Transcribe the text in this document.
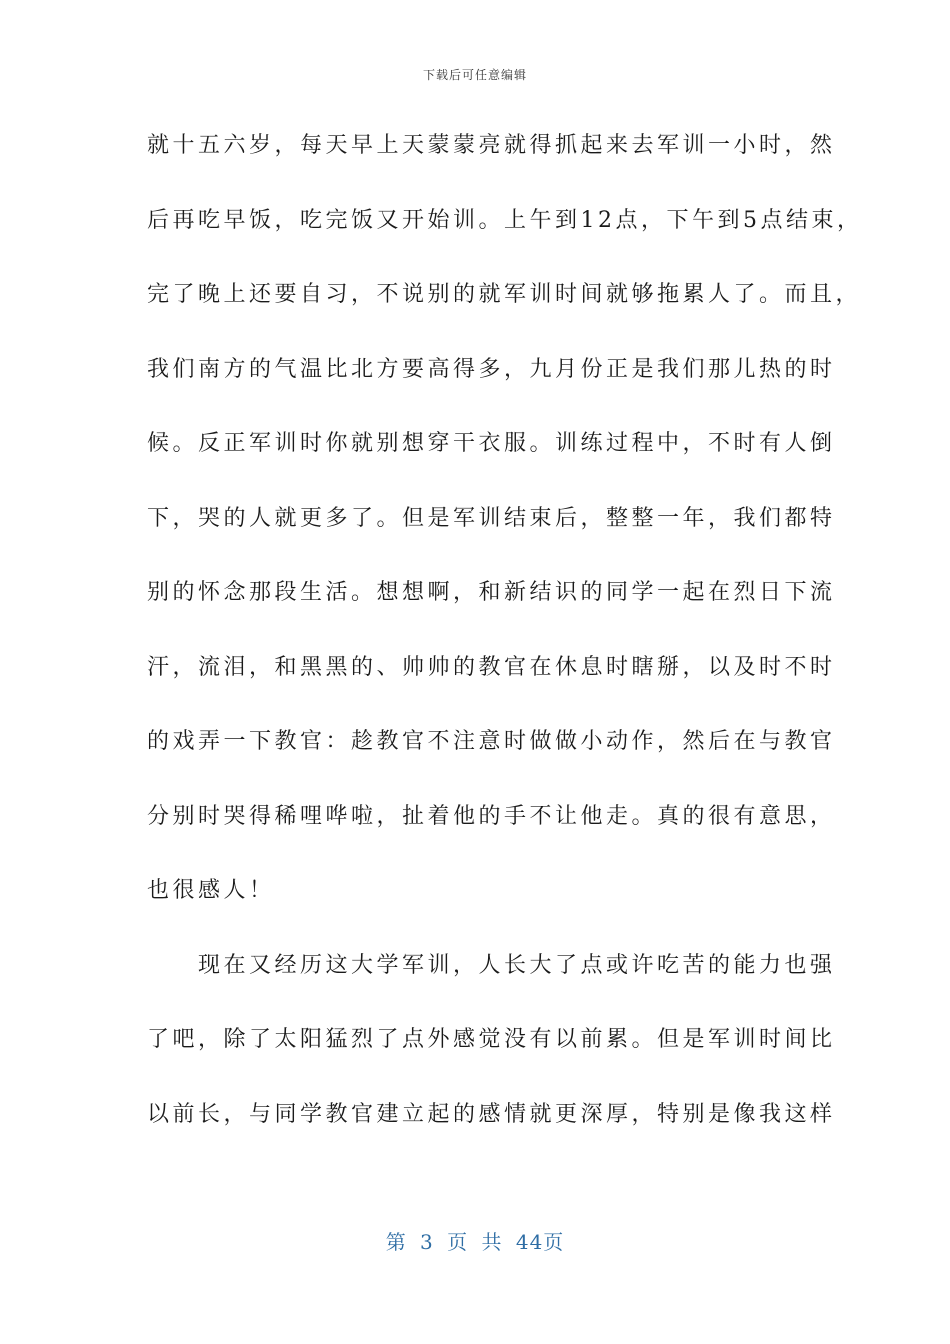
下载后可任意编辑
就十五六岁，每天早上天蒙蒙亮就得抓起来去军训一小时，然
后再吃早饭，吃完饭又开始训。上午到12点，下午到5点结束，
完了晚上还要自习，不说别的就军训时间就够拖累人了。而且，
我们南方的气温比北方要高得多，九月份正是我们那儿热的时
候。反正军训时你就别想穿干衣服。训练过程中，不时有人倒
下，哭的人就更多了。但是军训结束后，整整一年，我们都特
别的怀念那段生活。想想啊，和新结识的同学一起在烈日下流
汗，流泪，和黑黑的、帅帅的教官在休息时瞎掰，以及时不时
的戏弄一下教官：趁教官不注意时做做小动作，然后在与教官
分别时哭得稀哩哗啦，扯着他的手不让他走。真的很有意思，
也很感人！
　　现在又经历这大学军训，人长大了点或许吃苦的能力也强
了吧，除了太阳猛烈了点外感觉没有以前累。但是军训时间比
以前长，与同学教官建立起的感情就更深厚，特别是像我这样
第 3 页 共 44页
